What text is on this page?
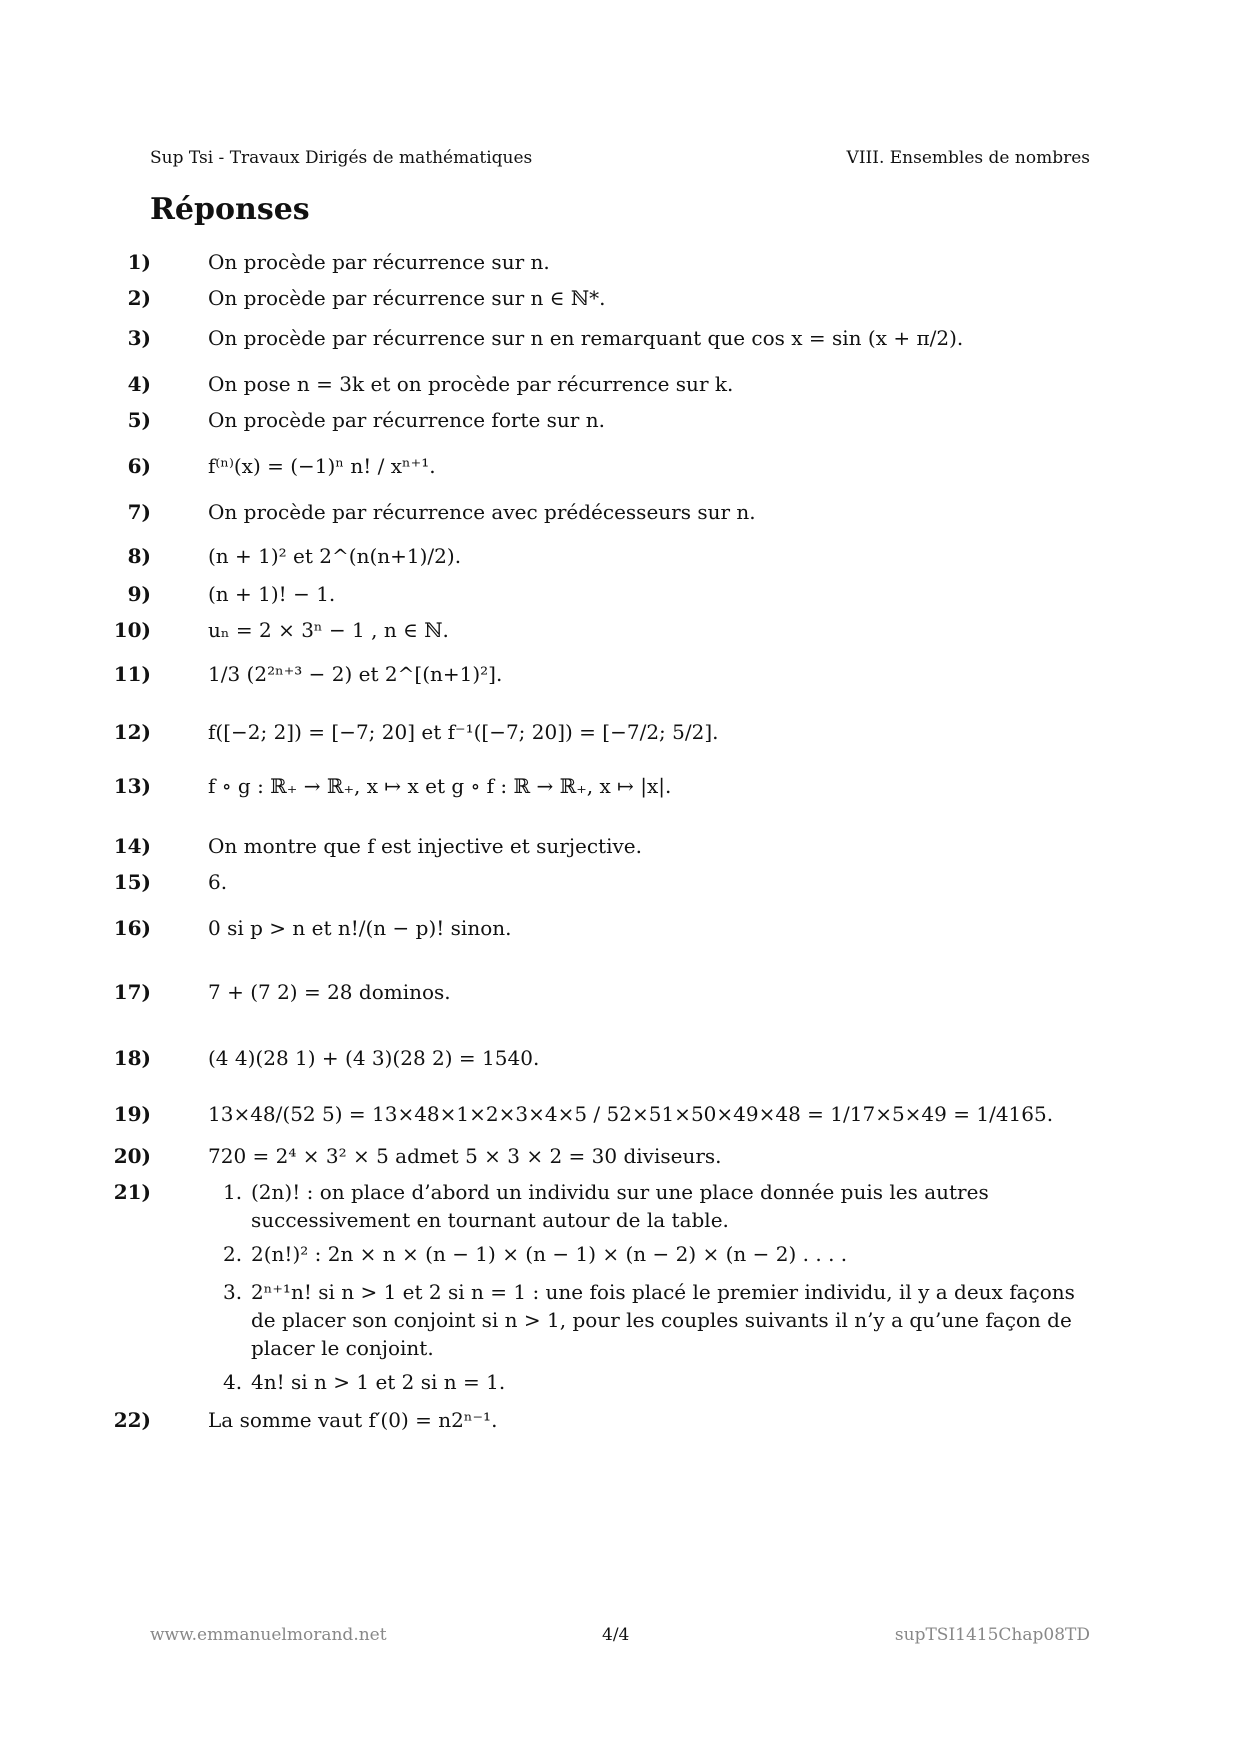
Sup Tsi - Travaux Dirigés de mathématiques	VIII. Ensembles de nombres
Réponses
1)	On procède par récurrence sur n.
2)	On procède par récurrence sur n ∈ ℕ*.
3)	On procède par récurrence sur n en remarquant que cos x = sin (x + π/2).
4)	On pose n = 3k et on procède par récurrence sur k.
5)	On procède par récurrence forte sur n.
6)	f⁽ⁿ⁾(x) = (−1)ⁿ n! / xⁿ⁺¹.
7)	On procède par récurrence avec prédécesseurs sur n.
8)	(n + 1)² et 2^(n(n+1)/2).
9)	(n + 1)! − 1.
10)	uₙ = 2 × 3ⁿ − 1 , n ∈ ℕ.
11)	1/3 (2²ⁿ⁺³ − 2) et 2^[(n+1)²].
12)	f([−2; 2]) = [−7; 20] et f⁻¹([−7; 20]) = [−7/2; 5/2].
13)	f ∘ g : ℝ₊ → ℝ₊, x ↦ x et g ∘ f : ℝ → ℝ₊, x ↦ |x|.
14)	On montre que f est injective et surjective.
15)	6.
16)	0 si p > n et n!/(n − p)! sinon.
17)	7 + (7 2) = 28 dominos.
18)	(4 4)(28 1) + (4 3)(28 2) = 1540.
19)	13×48/(52 5) = 13×48×1×2×3×4×5 / 52×51×50×49×48 = 1/17×5×49 = 1/4165.
20)	720 = 2⁴ × 3² × 5 admet 5 × 3 × 2 = 30 diviseurs.
21)	1. (2n)! : on place d’abord un individu sur une place donnée puis les autres successivement en tournant autour de la table.
2. 2(n!)² : 2n × n × (n − 1) × (n − 1) × (n − 2) × (n − 2) . . . .
3. 2ⁿ⁺¹n! si n > 1 et 2 si n = 1 : une fois placé le premier individu, il y a deux façons de placer son conjoint si n > 1, pour les couples suivants il n’y a qu’une façon de placer le conjoint.
4. 4n! si n > 1 et 2 si n = 1.
22)	La somme vaut f′(0) = n2ⁿ⁻¹.
www.emmanuelmorand.net	4/4	supTSI1415Chap08TD
